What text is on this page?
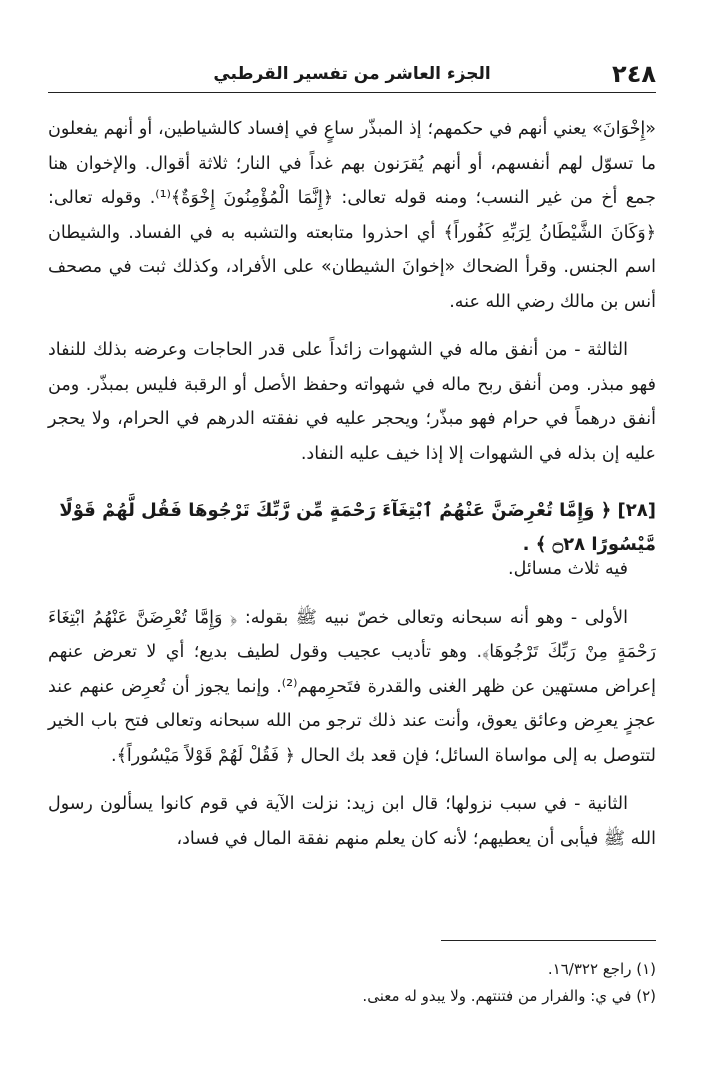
٢٤٨
الجزء العاشر من تفسير القرطبي

«إِخْوَانَ» يعني أنهم في حكمهم؛ إذ المبذّر ساعٍ في إفساد كالشياطين، أو أنهم يفعلون ما تسوّل لهم أنفسهم، أو أنهم يُقرَنون بهم غداً في النار؛ ثلاثة أقوال. والإخوان هنا جمع أخ من غير النسب؛ ومنه قوله تعالى: ﴿إِنَّمَا الْمُؤْمِنُونَ إِخْوَةٌ﴾⁽¹⁾. وقوله تعالى: ﴿وَكَانَ الشَّيْطَانُ لِرَبِّهِ كَفُوراً﴾ أي احذروا متابعته والتشبه به في الفساد. والشيطان اسم الجنس. وقرأ الضحاك «إخوانَ الشيطان» على الأفراد، وكذلك ثبت في مصحف أنس بن مالك رضي الله عنه.

الثالثة - من أنفق ماله في الشهوات زائداً على قدر الحاجات وعرضه بذلك للنفاد فهو مبذر. ومن أنفق ربح ماله في شهواته وحفظ الأصل أو الرقبة فليس بمبذّر. ومن أنفق درهماً في حرام فهو مبذّر؛ ويحجر عليه في نفقته الدرهم في الحرام، ولا يحجر عليه إن بذله في الشهوات إلا إذا خيف عليه النفاد.

[٢٨] ﴿ وَإِمَّا تُعْرِضَنَّ عَنْهُمُ ٱبْتِغَآءَ رَحْمَةٍ مِّن رَّبِّكَ تَرْجُوهَا فَقُل لَّهُمْ قَوْلًا مَّيْسُورًا ۝٢٨ ﴾ .

فيه ثلاث مسائل.

الأولى - وهو أنه سبحانه وتعالى خصّ نبيه ﷺ بقوله: ﴿ وَإِمَّا تُعْرِضَنَّ عَنْهُمُ ابْتِغَاءَ رَحْمَةٍ مِنْ رَبِّكَ تَرْجُوهَا﴾. وهو تأديب عجيب وقول لطيف بديع؛ أي لا تعرض عنهم إعراض مستهين عن ظهر الغنى والقدرة فتَحرِمهم⁽²⁾. وإنما يجوز أن تُعرِض عنهم عند عجزٍ يعرِض وعائق يعوق، وأنت عند ذلك ترجو من الله سبحانه وتعالى فتح باب الخير لتتوصل به إلى مواساة السائل؛ فإن قعد بك الحال ﴿ فَقُلْ لَهُمْ قَوْلاً مَيْسُوراً﴾.

الثانية - في سبب نزولها؛ قال ابن زيد: نزلت الآية في قوم كانوا يسألون رسول الله ﷺ فيأبى أن يعطيهم؛ لأنه كان يعلم منهم نفقة المال في فساد،

(١) راجع ١٦/٣٢٢.

(٢) في ي: والفرار من فتنتهم. ولا يبدو له معنى.
